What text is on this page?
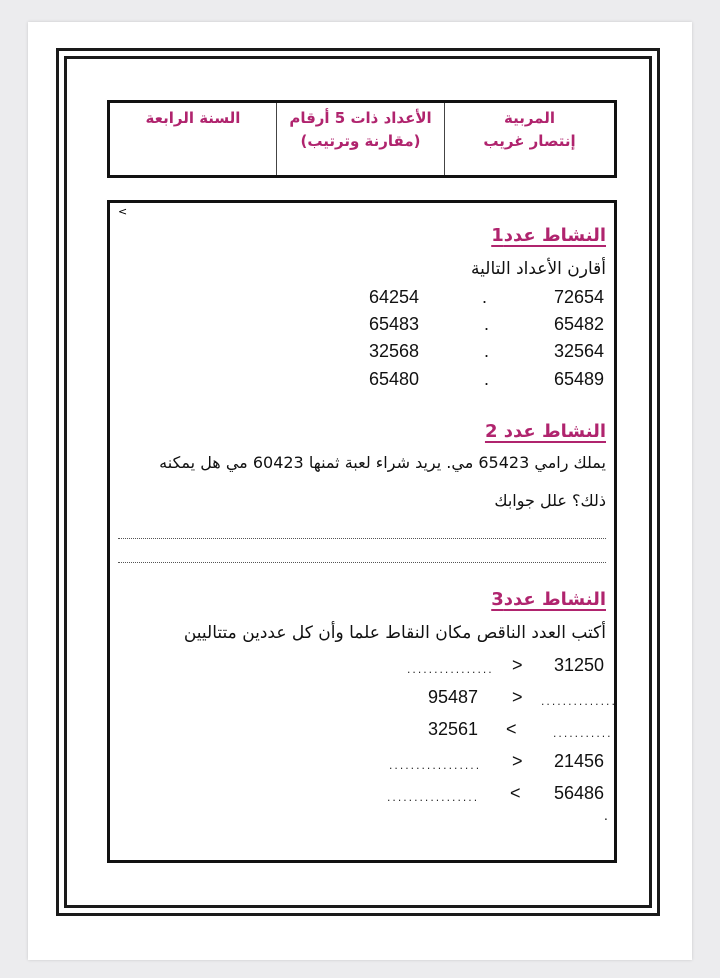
المربية
إنتصار غريب
الأعداد ذات 5 أرقام
(مقارنة وترتيب)
السنة الرابعة
<
النشاط عدد1
أقارن الأعداد التالية
72654
.
64254
65482
.
65483
32564
.
32568
65489
.
65480
النشاط عدد 2
يملك رامي 65423 مي. يريد شراء لعبة ثمنها 60423 مي هل يمكنه
ذلك؟ علل جوابك
النشاط عدد3
أكتب العدد الناقص مكان النقاط علما وأن كل عددين متتاليين
31250
>
................
..............
>
95487
...........
<
32561
21456
>
.................
56486
<
.................
.
